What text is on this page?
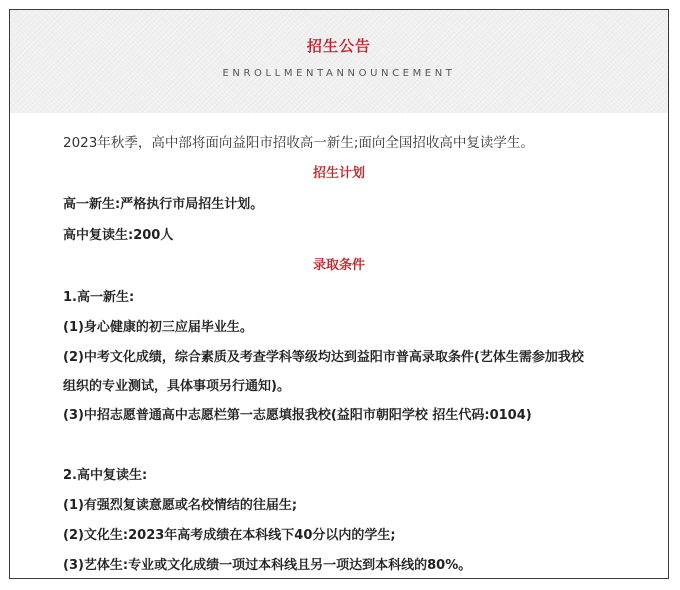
招生公告
ENROLLMENTANNOUNCEMENT
2023年秋季，高中部将面向益阳市招收高一新生;面向全国招收高中复读学生。
招生计划
高一新生:严格执行市局招生计划。
高中复读生:200人
录取条件
1.高一新生:
(1)身心健康的初三应届毕业生。
(2)中考文化成绩，综合素质及考查学科等级均达到益阳市普高录取条件(艺体生需参加我校
组织的专业测试，具体事项另行通知)。
(3)中招志愿普通高中志愿栏第一志愿填报我校(益阳市朝阳学校 招生代码:0104)
2.高中复读生:
(1)有强烈复读意愿或名校情结的往届生;
(2)文化生:2023年高考成绩在本科线下40分以内的学生;
(3)艺体生:专业或文化成绩一项过本科线且另一项达到本科线的80%。
